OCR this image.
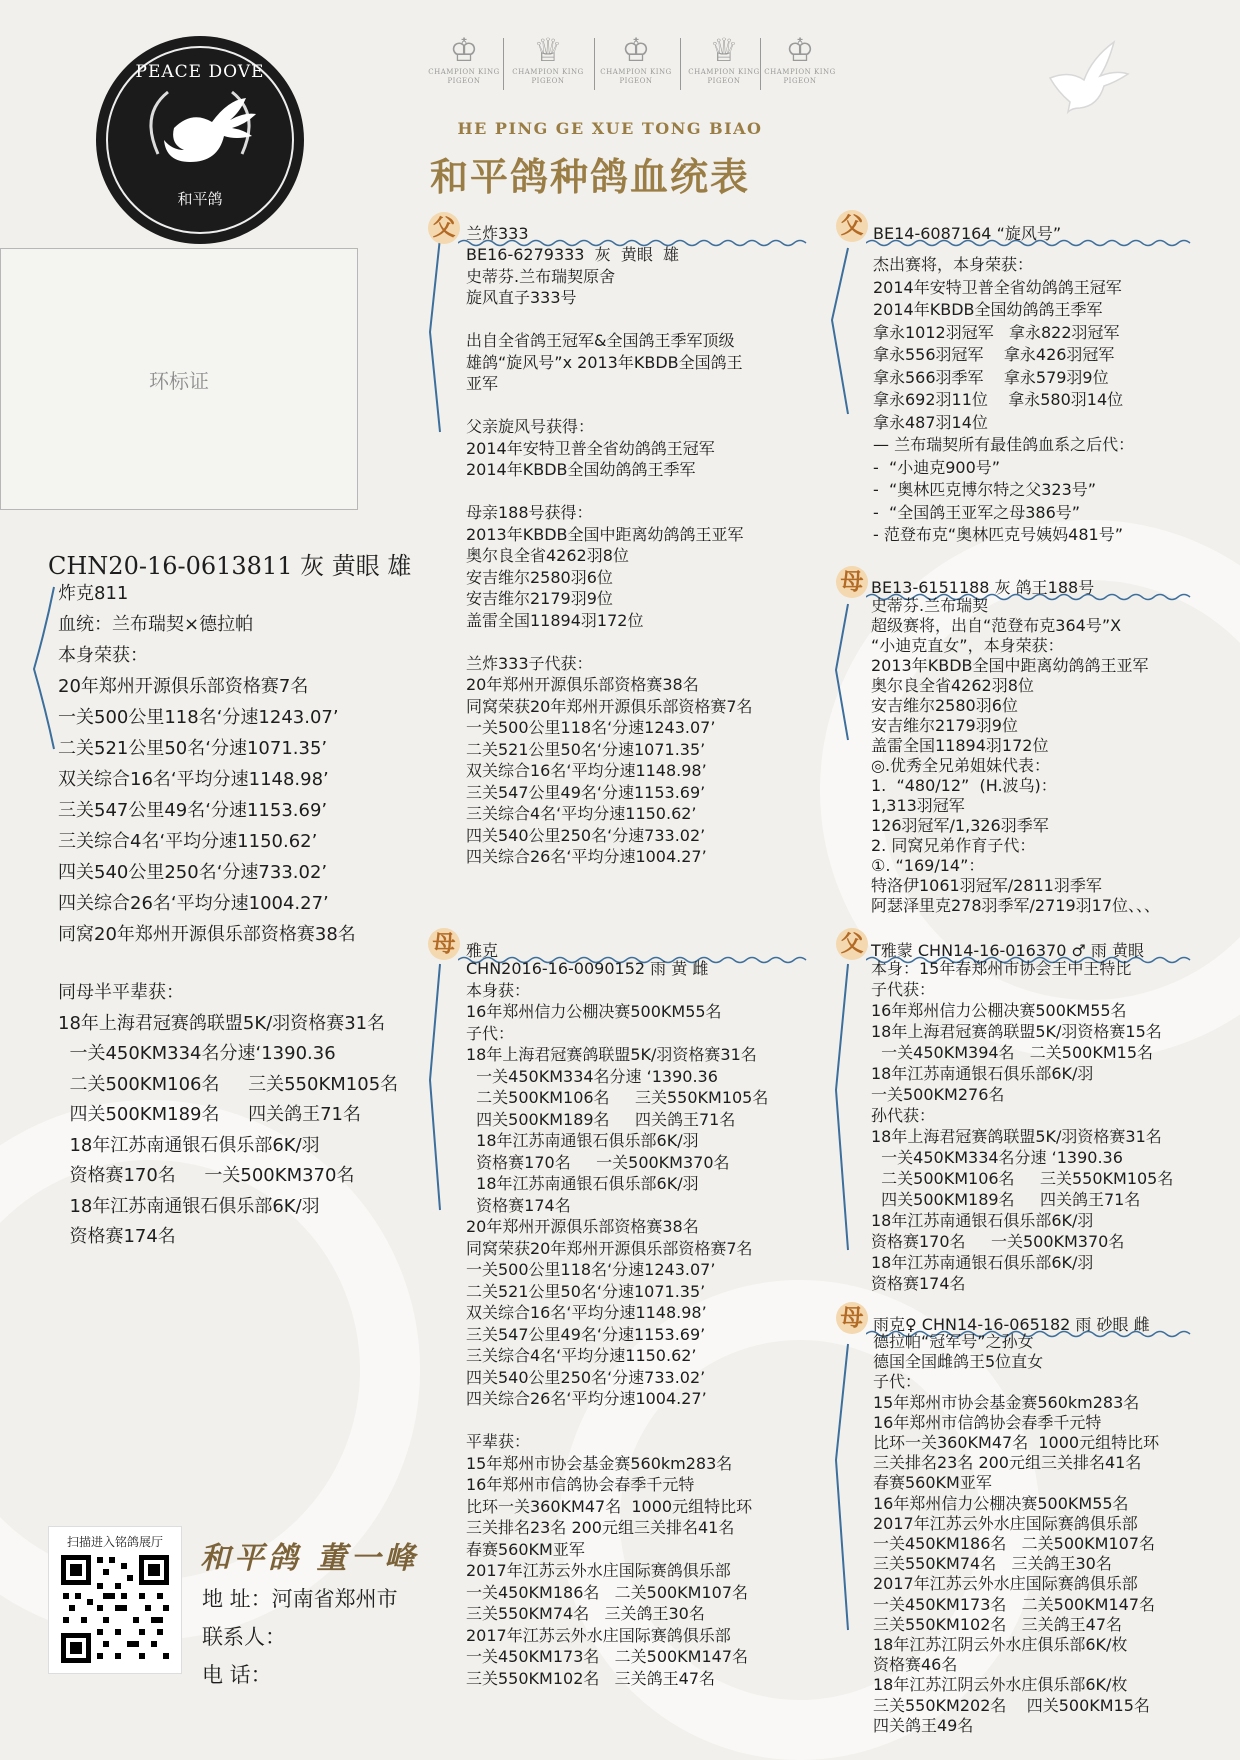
PEACE DOVE
和平鸽
♔
CHAMPION KING PIGEON
♕
CHAMPION KING PIGEON
♔
CHAMPION KING PIGEON
♕
CHAMPION KING PIGEON
♔
CHAMPION KING PIGEON
HE PING GE XUE TONG BIAO
和平鸽种鸽血统表
环标证
CHN20-16-0613811 灰 黄眼 雄
炸克811
血统：兰布瑞契×德拉帕
本身荣获：
20年郑州开源俱乐部资格赛7名
一关500公里118名‘分速1243.07’
二关521公里50名‘分速1071.35’
双关综合16名‘平均分速1148.98’
三关547公里49名‘分速1153.69’
三关综合4名‘平均分速1150.62’
四关540公里250名‘分速733.02’
四关综合26名‘平均分速1004.27’
同窝20年郑州开源俱乐部资格赛38名
同母半平辈获：
18年上海君冠赛鸽联盟5K/羽资格赛31名
一关450KM334名分速‘1390.36
二关500KM106名     三关550KM105名
四关500KM189名     四关鸽王71名
18年江苏南通银石俱乐部6K/羽
资格赛170名     一关500KM370名
18年江苏南通银石俱乐部6K/羽
资格赛174名
父 兰炸333
BE16-6279333  灰  黄眼  雄
史蒂芬.兰布瑞契原舍
旋风直子333号

出自全省鸽王冠军&全国鸽王季军顶级
雄鸽“旋风号”x 2013年KBDB全国鸽王
亚军

父亲旋风号获得：
2014年安特卫普全省幼鸽鸽王冠军
2014年KBDB全国幼鸽鸽王季军

母亲188号获得：
2013年KBDB全国中距离幼鸽鸽王亚军
奥尔良全省4262羽8位
安吉维尔2580羽6位
安吉维尔2179羽9位
盖雷全国11894羽172位

兰炸333子代获：
20年郑州开源俱乐部资格赛38名
同窝荣获20年郑州开源俱乐部资格赛7名
一关500公里118名‘分速1243.07’
二关521公里50名‘分速1071.35’
双关综合16名‘平均分速1148.98’
三关547公里49名‘分速1153.69’
三关综合4名‘平均分速1150.62’
四关540公里250名‘分速733.02’
四关综合26名‘平均分速1004.27’
母 雅克
CHN2016-16-0090152 雨 黄 雌
本身获：
16年郑州信力公棚决赛500KM55名
子代：
18年上海君冠赛鸽联盟5K/羽资格赛31名
一关450KM334名分速 ‘1390.36
二关500KM106名     三关550KM105名
四关500KM189名     四关鸽王71名
18年江苏南通银石俱乐部6K/羽
资格赛170名     一关500KM370名
18年江苏南通银石俱乐部6K/羽
资格赛174名
20年郑州开源俱乐部资格赛38名
同窝荣获20年郑州开源俱乐部资格赛7名
一关500公里118名‘分速1243.07’
二关521公里50名‘分速1071.35’
双关综合16名‘平均分速1148.98’
三关547公里49名‘分速1153.69’
三关综合4名‘平均分速1150.62’
四关540公里250名‘分速733.02’
四关综合26名‘平均分速1004.27’

平辈获：
15年郑州市协会基金赛560km283名
16年郑州市信鸽协会春季千元特
比环一关360KM47名  1000元组特比环
三关排名23名 200元组三关排名41名
春赛560KM亚军
2017年江苏云外水庄国际赛鸽俱乐部
一关450KM186名   二关500KM107名
三关550KM74名   三关鸽王30名
2017年江苏云外水庄国际赛鸽俱乐部
一关450KM173名   二关500KM147名
三关550KM102名   三关鸽王47名
父 BE14-6087164 “旋风号”
杰出赛将，本身荣获：
2014年安特卫普全省幼鸽鸽王冠军
2014年KBDB全国幼鸽鸽王季军
拿永1012羽冠军   拿永822羽冠军
拿永556羽冠军    拿永426羽冠军
拿永566羽季军    拿永579羽9位
拿永692羽11位    拿永580羽14位
拿永487羽14位
— 兰布瑞契所有最佳鸽血系之后代：
-  “小迪克900号”
-  “奥林匹克博尔特之父323号”
-  “全国鸽王亚军之母386号”
- 范登布克“奥林匹克号姨妈481号”
母 BE13-6151188 灰 鸽王188号
史蒂芬.兰布瑞契
超级赛将，出自“范登布克364号”X
“小迪克直女”，本身荣获：
2013年KBDB全国中距离幼鸽鸽王亚军
奥尔良全省4262羽8位
安吉维尔2580羽6位
安吉维尔2179羽9位
盖雷全国11894羽172位
◎.优秀全兄弟姐妹代表：
1.  “480/12”  (H.波乌)：
1,313羽冠军
126羽冠军/1,326羽季军
2. 同窝兄弟作育子代：
①. “169/14”：
特洛伊1061羽冠军/2811羽季军
阿瑟泽里克278羽季军/2719羽17位、、、
父 T雅蒙 CHN14-16-016370 ♂ 雨 黄眼
本身：15年春郑州市协会王中王特比
子代获：
16年郑州信力公棚决赛500KM55名
18年上海君冠赛鸽联盟5K/羽资格赛15名
一关450KM394名   二关500KM15名
18年江苏南通银石俱乐部6K/羽
一关500KM276名
孙代获：
18年上海君冠赛鸽联盟5K/羽资格赛31名
一关450KM334名分速 ‘1390.36
二关500KM106名     三关550KM105名
四关500KM189名     四关鸽王71名
18年江苏南通银石俱乐部6K/羽
资格赛170名     一关500KM370名
18年江苏南通银石俱乐部6K/羽
资格赛174名
母 雨克♀ CHN14-16-065182 雨 砂眼 雌
德拉帕“冠军号”之孙女
德国全国雌鸽王5位直女
子代：
15年郑州市协会基金赛560km283名
16年郑州市信鸽协会春季千元特
比环一关360KM47名  1000元组特比环
三关排名23名 200元组三关排名41名
春赛560KM亚军
16年郑州信力公棚决赛500KM55名
2017年江苏云外水庄国际赛鸽俱乐部
一关450KM186名   二关500KM107名
三关550KM74名   三关鸽王30名
2017年江苏云外水庄国际赛鸽俱乐部
一关450KM173名   二关500KM147名
三关550KM102名   三关鸽王47名
18年江苏江阴云外水庄俱乐部6K/枚
资格赛46名
18年江苏江阴云外水庄俱乐部6K/枚
三关550KM202名    四关500KM15名
四关鸽王49名
扫描进入铭鸽展厅	和平鸽 董一峰
地 址：河南省郑州市
联系人：
电 话：
